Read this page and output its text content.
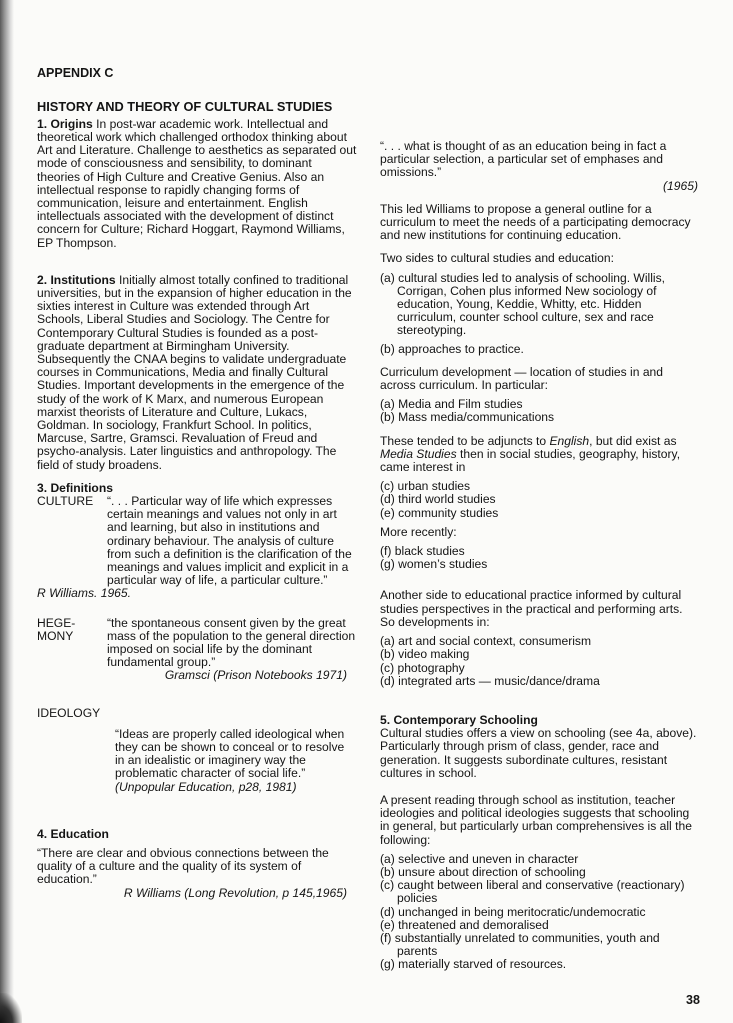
APPENDIX C
HISTORY AND THEORY OF CULTURAL STUDIES

1. Origins In post-war academic work. Intellectual and theoretical work which challenged orthodox thinking about Art and Literature. Challenge to aesthetics as separated out mode of consciousness and sensibility, to dominant theories of High Culture and Creative Genius. Also an intellectual response to rapidly changing forms of communication, leisure and entertainment. English intellectuals associated with the development of distinct concern for Culture; Richard Hoggart, Raymond Williams, EP Thompson.

2. Institutions Initially almost totally confined to traditional universities, but in the expansion of higher education in the sixties interest in Culture was extended through Art Schools, Liberal Studies and Sociology. The Centre for Contemporary Cultural Studies is founded as a post-graduate department at Birmingham University. Subsequently the CNAA begins to validate undergraduate courses in Communications, Media and finally Cultural Studies. Important developments in the emergence of the study of the work of K Marx, and numerous European marxist theorists of Literature and Culture, Lukacs, Goldman. In sociology, Frankfurt School. In politics, Marcuse, Sartre, Gramsci. Revaluation of Freud and psycho-analysis. Later linguistics and anthropology. The field of study broadens.

3. Definitions
CULTURE	“. . . Particular way of life which expresses certain meanings and values not only in art and learning, but also in institutions and ordinary behaviour. The analysis of culture from such a definition is the clarification of the meanings and values implicit and explicit in a particular way of life, a particular culture.”
R Williams. 1965.
HEGE- MONY
“the spontaneous consent given by the great mass of the population to the general direction imposed on social life by the dominant fundamental group.”
Gramsci (Prison Notebooks 1971)
IDEOLOGY
“Ideas are properly called ideological when they can be shown to conceal or to resolve in an idealistic or imaginery way the problematic character of social life.” (Unpopular Education, p28, 1981)
4. Education
“There are clear and obvious connections between the quality of a culture and the quality of its system of education.”
R Williams (Long Revolution, p 145,1965)
“. . . what is thought of as an education being in fact a particular selection, a particular set of emphases and omissions.”
(1965)

This led Williams to propose a general outline for a curriculum to meet the needs of a participating democracy and new institutions for continuing education.

Two sides to cultural studies and education:

(a) cultural studies led to analysis of schooling. Willis, Corrigan, Cohen plus informed New sociology of education, Young, Keddie, Whitty, etc. Hidden curriculum, counter school culture, sex and race stereotyping.
(b) approaches to practice.

Curriculum development — location of studies in and across curriculum. In particular:

(a) Media and Film studies
(b) Mass media/communications

These tended to be adjuncts to English, but did exist as Media Studies then in social studies, geography, history, came interest in

(c) urban studies
(d) third world studies
(e) community studies

More recently:

(f) black studies
(g) women’s studies

Another side to educational practice informed by cultural studies perspectives in the practical and performing arts. So developments in:

(a) art and social context, consumerism
(b) video making
(c) photography
(d) integrated arts — music/dance/drama
5. Contemporary Schooling

Cultural studies offers a view on schooling (see 4a, above). Particularly through prism of class, gender, race and generation. It suggests subordinate cultures, resistant cultures in school.

A present reading through school as institution, teacher ideologies and political ideologies suggests that schooling in general, but particularly urban comprehensives is all the following:

(a) selective and uneven in character
(b) unsure about direction of schooling
(c) caught between liberal and conservative (reactionary) policies
(d) unchanged in being meritocratic/undemocratic
(e) threatened and demoralised
(f) substantially unrelated to communities, youth and parents
(g) materially starved of resources.
38
